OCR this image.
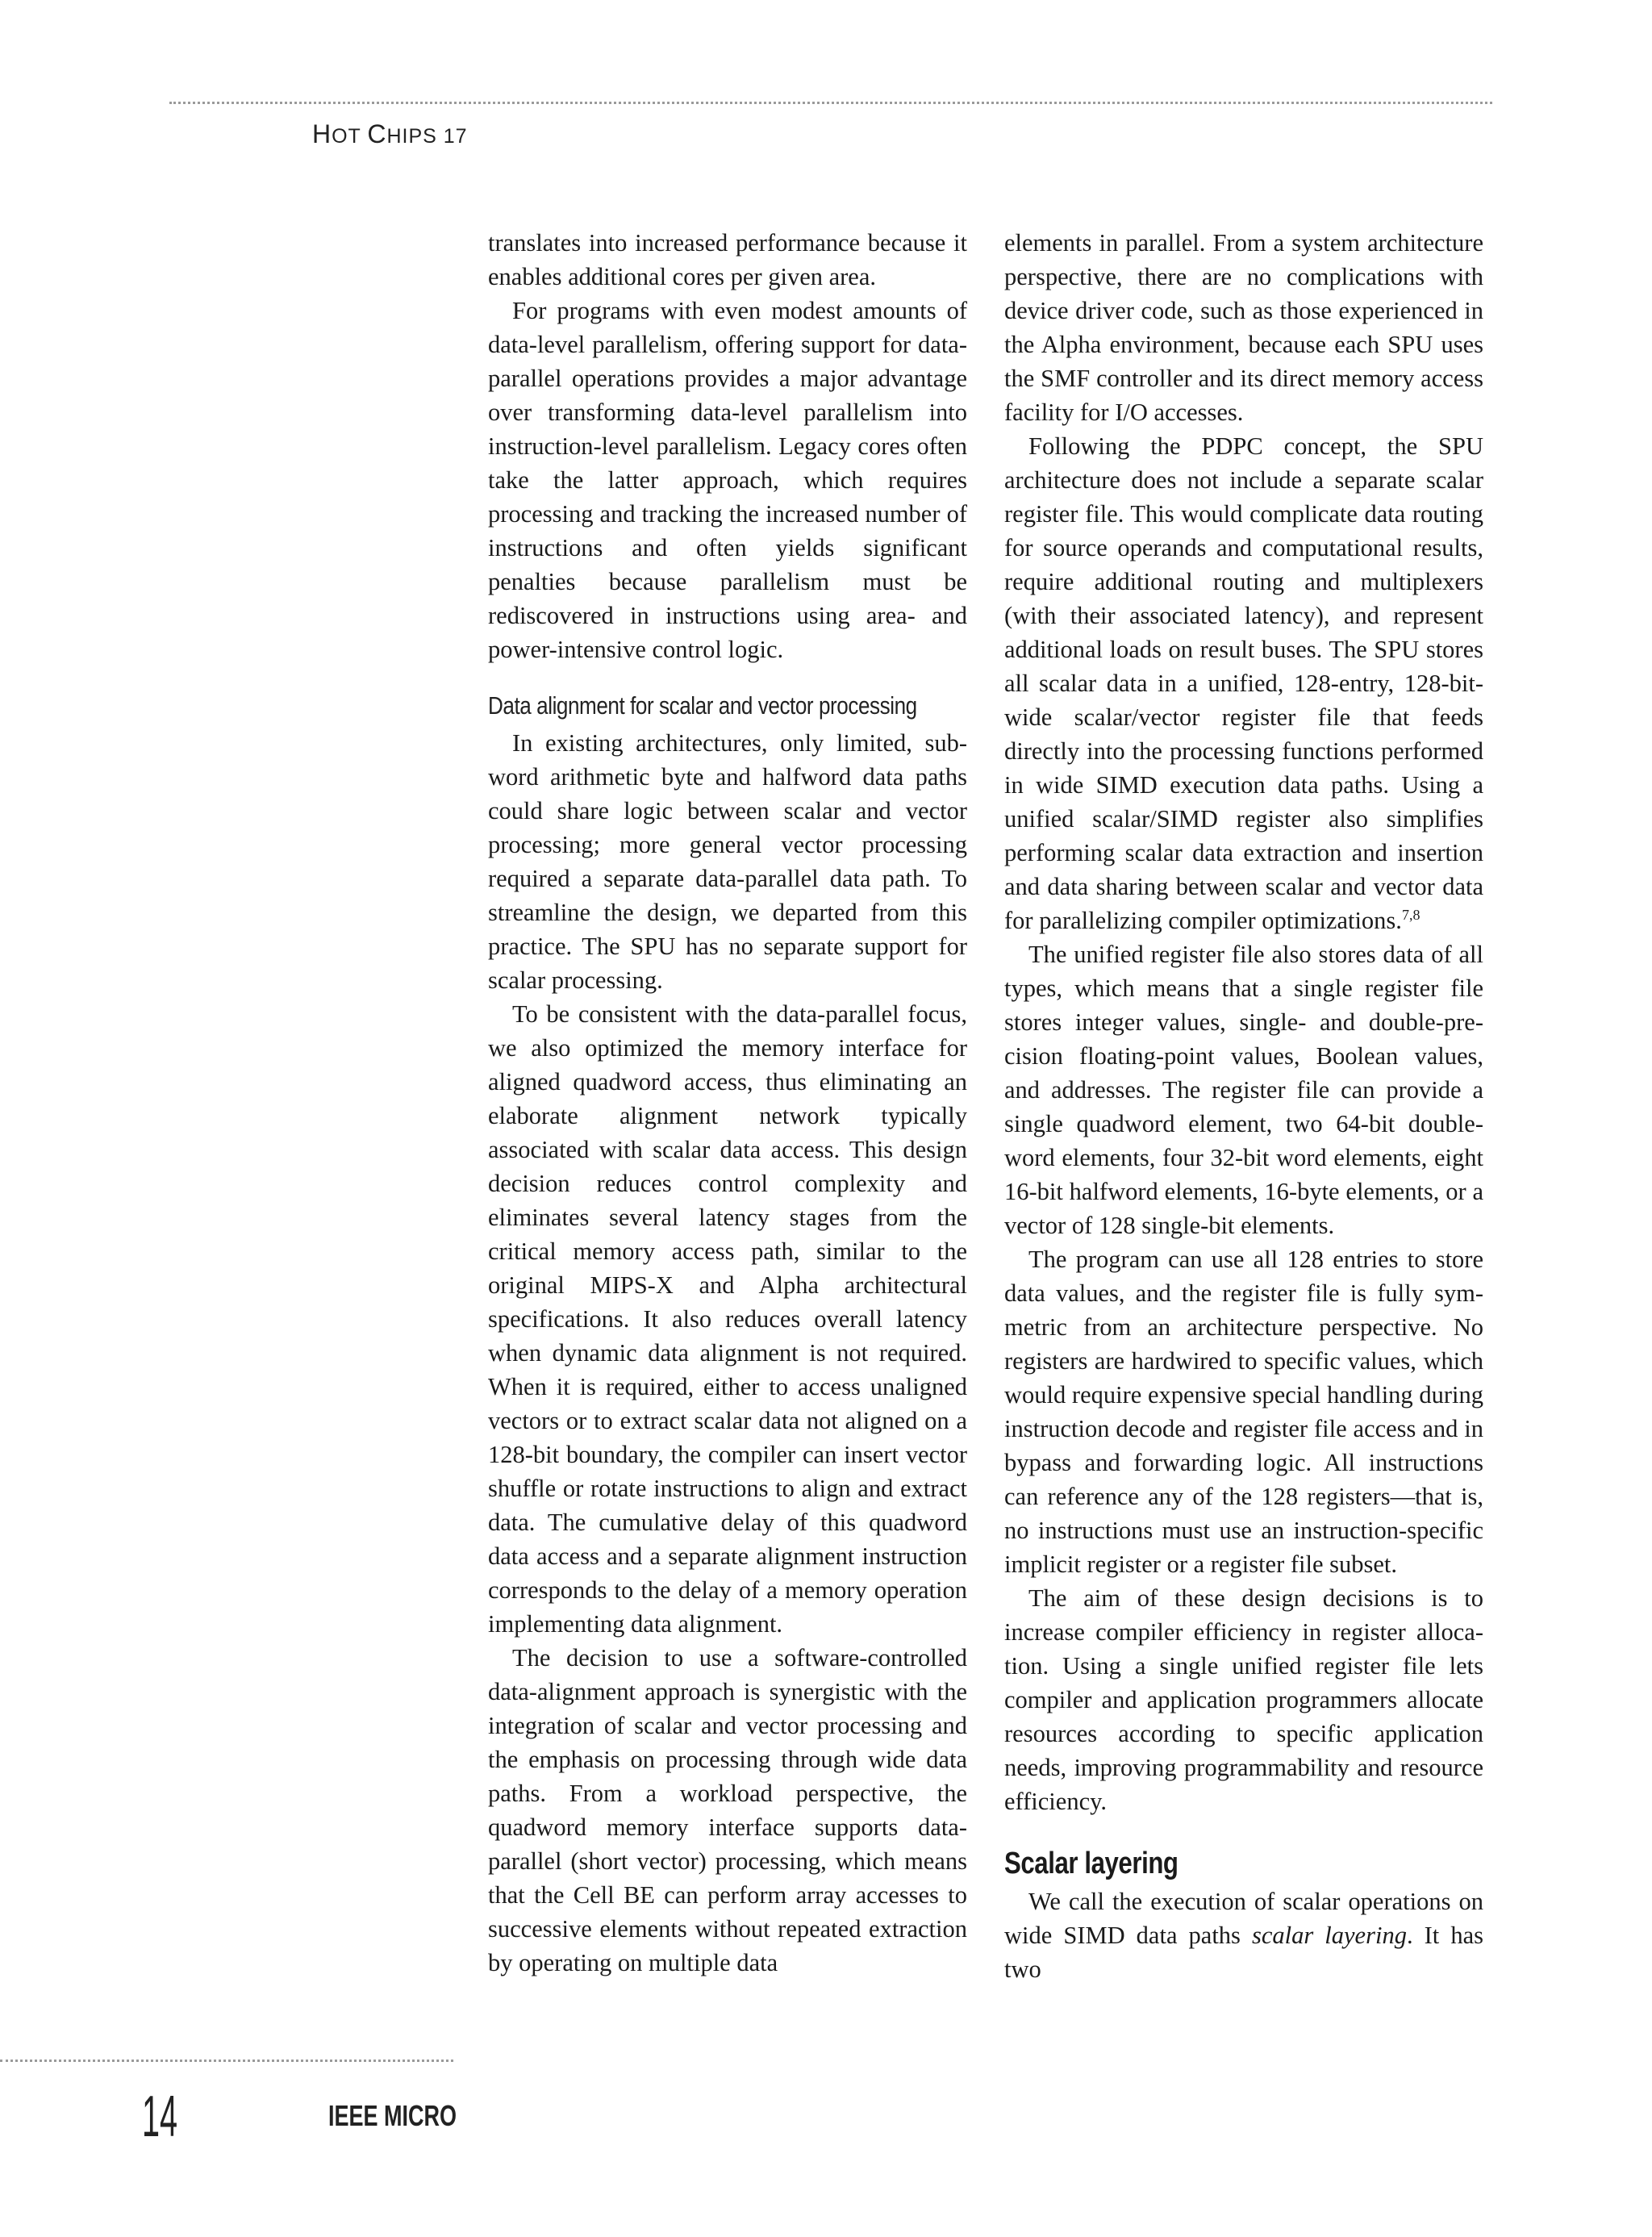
HOT CHIPS 17

translates into increased performance because it enables additional cores per given area.

For programs with even modest amounts of data-level parallelism, offering support for data-parallel operations provides a major advantage over transforming data-level parallelism into instruction-level parallelism. Legacy cores often take the latter approach, which requires processing and tracking the increased number of instructions and often yields significant penalties because parallelism must be rediscovered in instructions using area- and power-intensive control logic.

Data alignment for scalar and vector processing

In existing architectures, only limited, subword arithmetic byte and halfword data paths could share logic between scalar and vector processing; more general vector processing required a separate data-parallel data path. To streamline the design, we departed from this practice. The SPU has no separate support for scalar processing.

To be consistent with the data-parallel focus, we also optimized the memory interface for aligned quadword access, thus eliminating an elaborate alignment network typically associated with scalar data access. This design decision reduces control complexity and eliminates several latency stages from the critical memory access path, similar to the original MIPS-X and Alpha architectural specifications. It also reduces overall latency when dynamic data alignment is not required. When it is required, either to access unaligned vectors or to extract scalar data not aligned on a 128-bit boundary, the compiler can insert vector shuffle or rotate instructions to align and extract data. The cumulative delay of this quadword data access and a separate alignment instruction corresponds to the delay of a memory operation implementing data alignment.

The decision to use a software-controlled data-alignment approach is synergistic with the integration of scalar and vector processing and the emphasis on processing through wide data paths. From a workload perspective, the quadword memory interface supports data-parallel (short vector) processing, which means that the Cell BE can perform array accesses to successive elements without repeated extraction by operating on multiple data

elements in parallel. From a system architecture perspective, there are no complications with device driver code, such as those experienced in the Alpha environment, because each SPU uses the SMF controller and its direct memory access facility for I/O accesses.

Following the PDPC concept, the SPU architecture does not include a separate scalar register file. This would complicate data routing for source operands and computational results, require additional routing and multiplexers (with their associated latency), and represent additional loads on result buses. The SPU stores all scalar data in a unified, 128-entry, 128-bit-wide scalar/vector register file that feeds directly into the processing functions performed in wide SIMD execution data paths. Using a unified scalar/SIMD register also simplifies performing scalar data extraction and insertion and data sharing between scalar and vector data for parallelizing compiler optimizations.$^{7,8}$

The unified register file also stores data of all types, which means that a single register file stores integer values, single- and double-precision floating-point values, Boolean values, and addresses. The register file can provide a single quadword element, two 64-bit doubleword elements, four 32-bit word elements, eight 16-bit halfword elements, 16-byte elements, or a vector of 128 single-bit elements.

The program can use all 128 entries to store data values, and the register file is fully symmetric from an architecture perspective. No registers are hardwired to specific values, which would require expensive special handling during instruction decode and register file access and in bypass and forwarding logic. All instructions can reference any of the 128 registers—that is, no instructions must use an instruction-specific implicit register or a register file subset.

The aim of these design decisions is to increase compiler efficiency in register allocation. Using a single unified register file lets compiler and application programmers allocate resources according to specific application needs, improving programmability and resource efficiency.

Scalar layering

We call the execution of scalar operations on wide SIMD data paths scalar layering. It has two

14	IEEE MICRO
